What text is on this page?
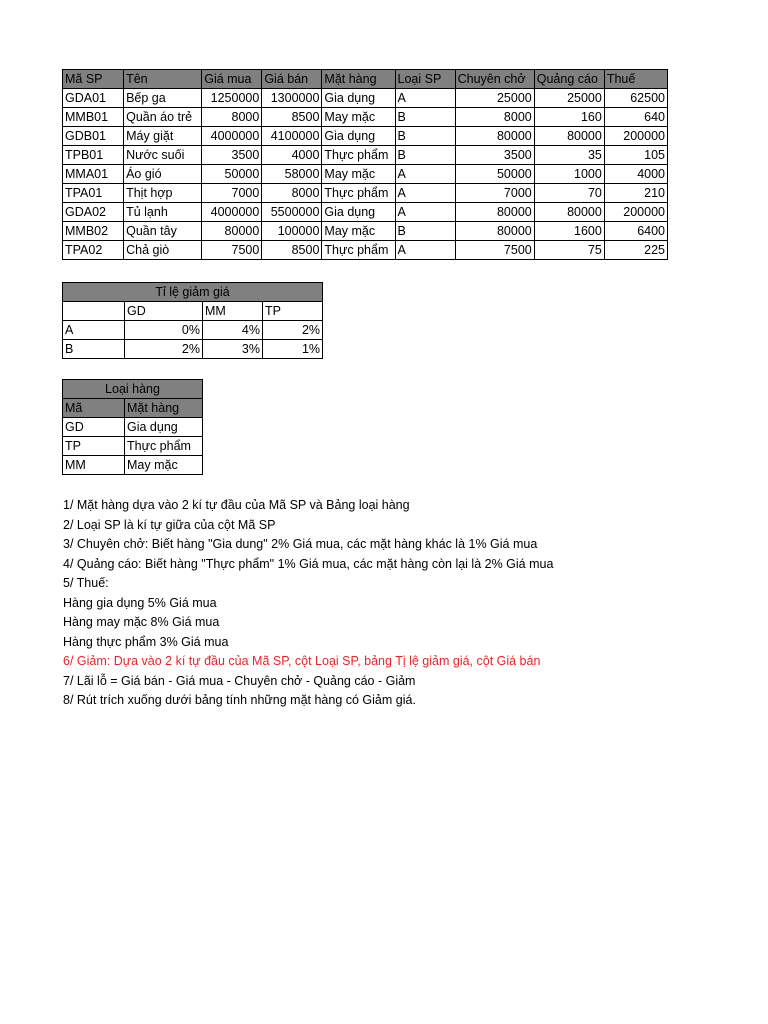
Mã SP	Tên	Giá mua	Giá bán	Mặt hàng	Loại SP	Chuyên chở	Quảng cáo	Thuế
GDA01	Bếp ga	1250000	1300000	Gia dụng	A	25000	25000	62500
MMB01	Quần áo trẻ	8000	8500	May mặc	B	8000	160	640
GDB01	Máy giặt	4000000	4100000	Gia dụng	B	80000	80000	200000
TPB01	Nước suối	3500	4000	Thực phẩm	B	3500	35	105
MMA01	Áo gió	50000	58000	May mặc	A	50000	1000	4000
TPA01	Thịt hợp	7000	8000	Thực phẩm	A	7000	70	210
GDA02	Tủ lạnh	4000000	5500000	Gia dụng	A	80000	80000	200000
MMB02	Quần tây	80000	100000	May mặc	B	80000	1600	6400
TPA02	Chả giò	7500	8500	Thực phẩm	A	7500	75	225
Tỉ lệ giảm giá			
	GD	MM	TP
A	0%	4%	2%
B	2%	3%	1%
Loại hàng	
Mã	Mặt hàng
GD	Gia dụng
TP	Thực phẩm
MM	May mặc
1/ Mặt hàng dựa vào 2 kí tự đầu của Mã SP và Bảng loại hàng
2/ Loại SP là kí tự giữa của cột Mã SP
3/ Chuyên chở: Biết hàng "Gia dung" 2% Giá mua, các mặt hàng khác là 1% Giá mua
4/ Quảng cáo: Biết hàng "Thực phẩm" 1% Giá mua, các mặt hàng còn lại là 2% Giá mua
5/ Thuế:
Hàng gia dụng 5% Giá mua
Hàng may mặc 8% Giá mua
Hàng thực phẩm 3% Giá mua
6/ Giảm: Dựa vào 2 kí tự đầu của Mã SP, cột Loại SP, bảng Tị lệ giảm giá, cột Giá bán
7/ Lãi lỗ = Giá bán - Giá mua - Chuyên chở - Quảng cáo - Giảm
8/ Rút trích xuống dưới bảng tính những mặt hàng có Giảm giá.
